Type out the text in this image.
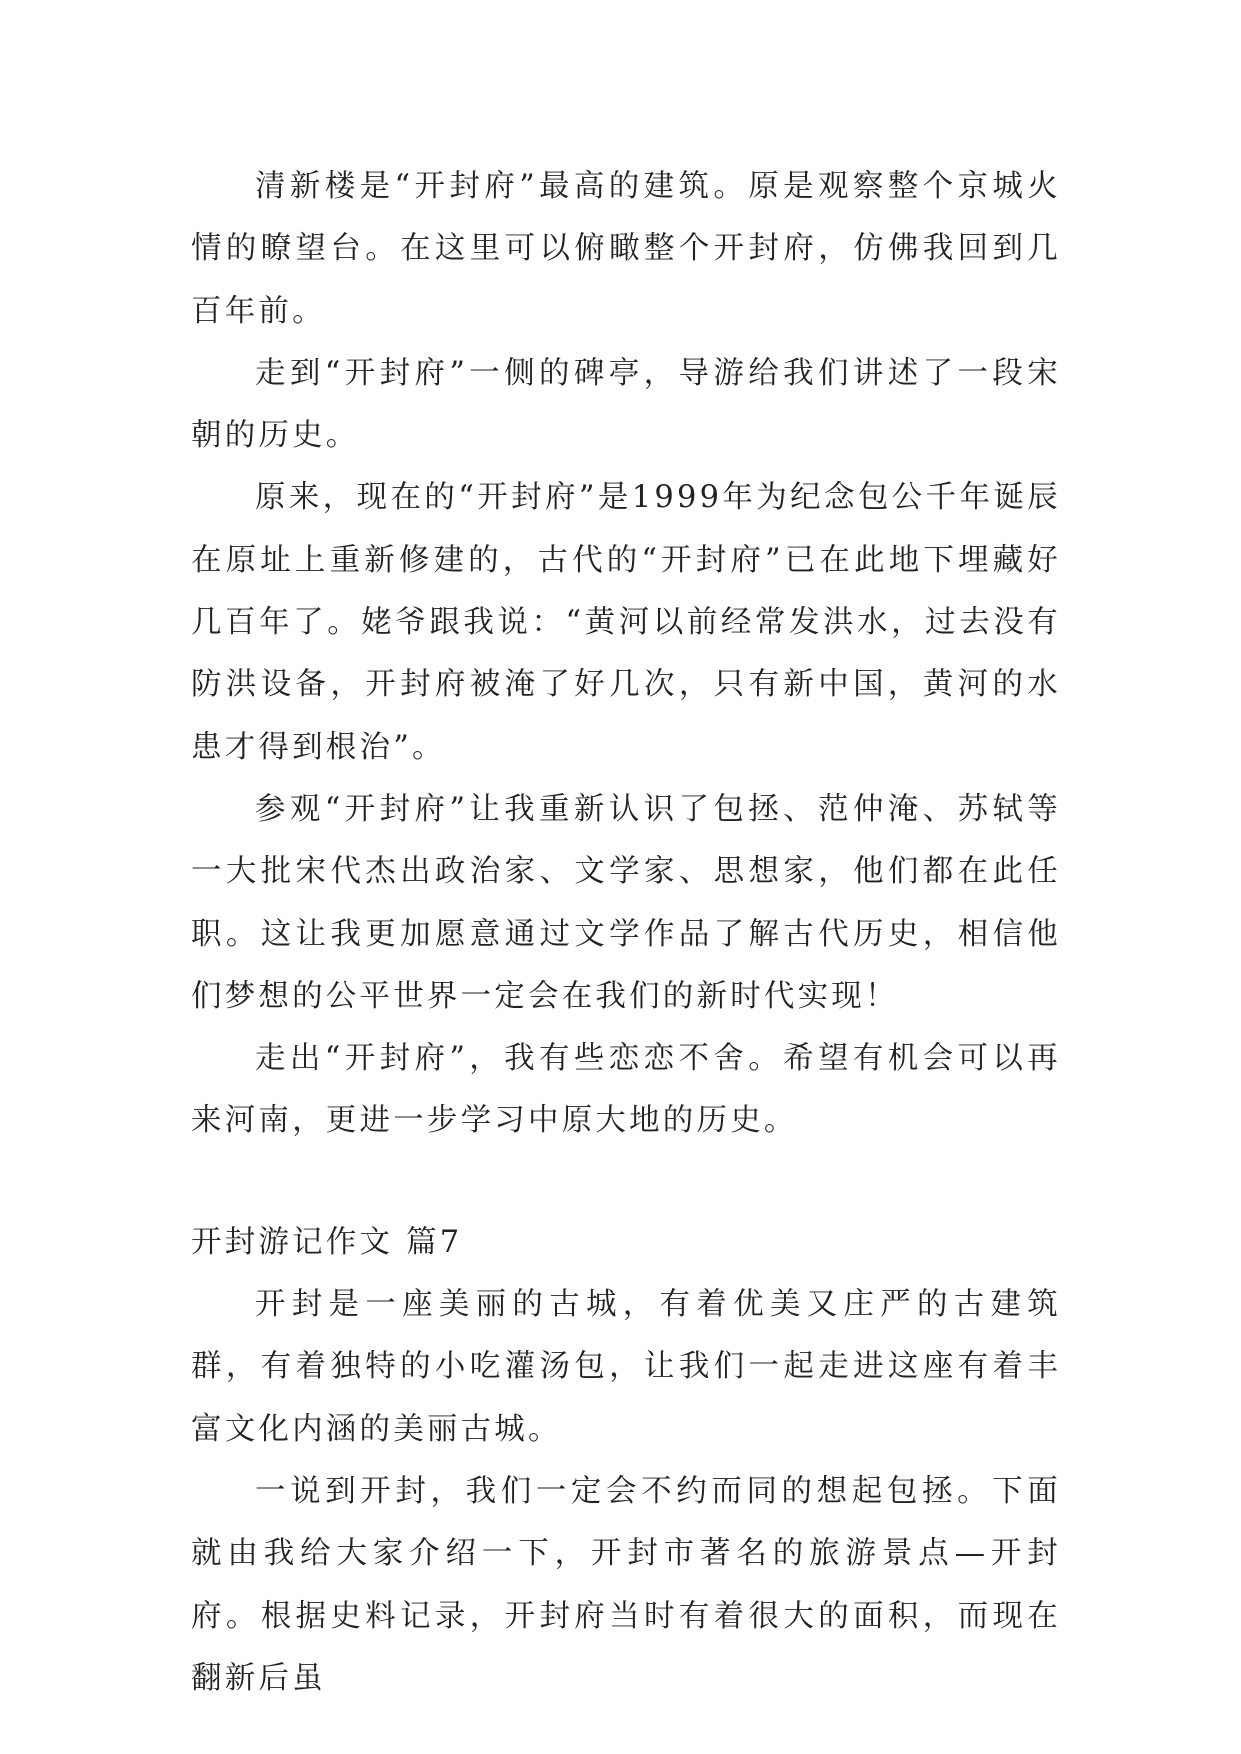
清新楼是“开封府”最高的建筑。原是观察整个京城火情的瞭望台。在这里可以俯瞰整个开封府，仿佛我回到几百年前。

走到“开封府”一侧的碑亭，导游给我们讲述了一段宋朝的历史。

原来，现在的“开封府”是1999年为纪念包公千年诞辰在原址上重新修建的，古代的“开封府”已在此地下埋藏好几百年了。姥爷跟我说：“黄河以前经常发洪水，过去没有防洪设备，开封府被淹了好几次，只有新中国，黄河的水患才得到根治”。

参观“开封府”让我重新认识了包拯、范仲淹、苏轼等一大批宋代杰出政治家、文学家、思想家，他们都在此任职。这让我更加愿意通过文学作品了解古代历史，相信他们梦想的公平世界一定会在我们的新时代实现！

走出“开封府”，我有些恋恋不舍。希望有机会可以再来河南，更进一步学习中原大地的历史。

开封游记作文 篇7

开封是一座美丽的古城，有着优美又庄严的古建筑群，有着独特的小吃灌汤包，让我们一起走进这座有着丰富文化内涵的美丽古城。

一说到开封，我们一定会不约而同的想起包拯。下面就由我给大家介绍一下，开封市著名的旅游景点—开封府。根据史料记录，开封府当时有着很大的面积，而现在翻新后虽
